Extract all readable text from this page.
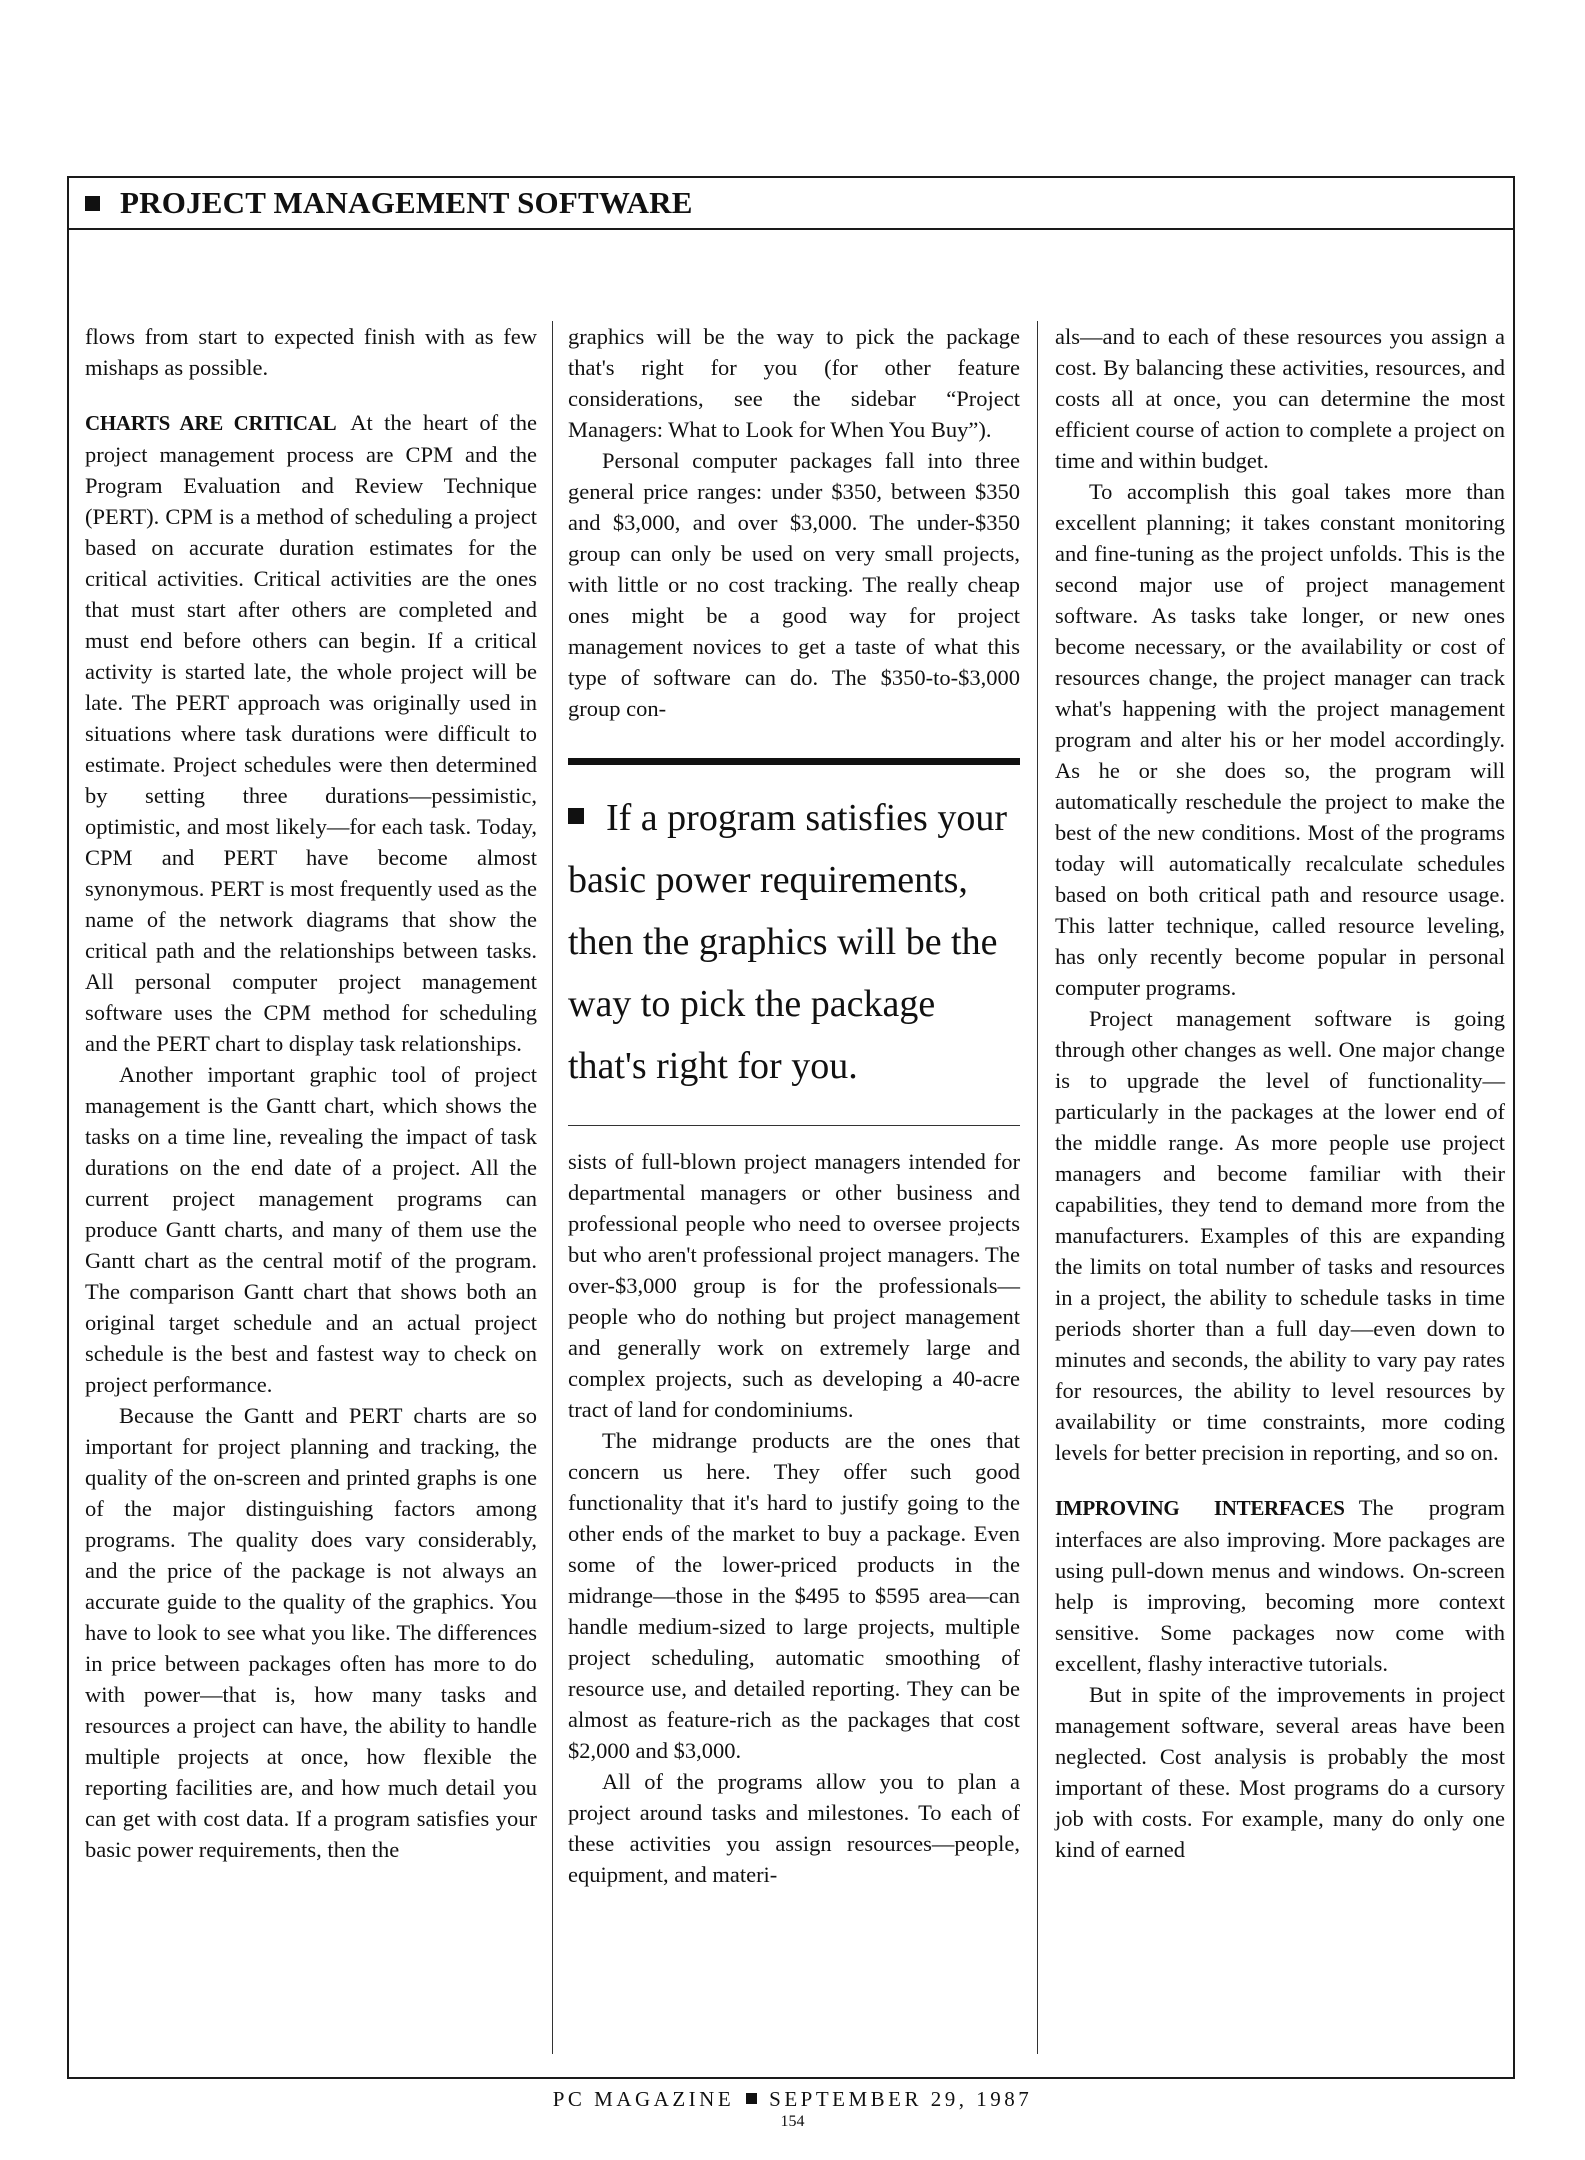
PROJECT MANAGEMENT SOFTWARE

flows from start to expected finish with as few mishaps as possible.

CHARTS ARE CRITICAL At the heart of the project management process are CPM and the Program Evaluation and Review Technique (PERT). CPM is a method of scheduling a project based on accurate duration estimates for the critical activities. Critical activities are the ones that must start after others are completed and must end before others can begin. If a critical activity is started late, the whole project will be late. The PERT approach was originally used in situations where task durations were difficult to estimate. Project schedules were then determined by setting three durations—pessimistic, optimistic, and most likely—for each task. Today, CPM and PERT have become almost synonymous. PERT is most frequently used as the name of the network diagrams that show the critical path and the relationships between tasks. All personal computer project management software uses the CPM method for scheduling and the PERT chart to display task relationships.

Another important graphic tool of project management is the Gantt chart, which shows the tasks on a time line, revealing the impact of task durations on the end date of a project. All the current project management programs can produce Gantt charts, and many of them use the Gantt chart as the central motif of the program. The comparison Gantt chart that shows both an original target schedule and an actual project schedule is the best and fastest way to check on project performance.

Because the Gantt and PERT charts are so important for project planning and tracking, the quality of the on-screen and printed graphs is one of the major distinguishing factors among programs. The quality does vary considerably, and the price of the package is not always an accurate guide to the quality of the graphics. You have to look to see what you like. The differences in price between packages often has more to do with power—that is, how many tasks and resources a project can have, the ability to handle multiple projects at once, how flexible the reporting facilities are, and how much detail you can get with cost data. If a program satisfies your basic power requirements, then the

graphics will be the way to pick the package that's right for you (for other feature considerations, see the sidebar “Project Managers: What to Look for When You Buy”).

Personal computer packages fall into three general price ranges: under $350, between $350 and $3,000, and over $3,000. The under-$350 group can only be used on very small projects, with little or no cost tracking. The really cheap ones might be a good way for project management novices to get a taste of what this type of software can do. The $350-to-$3,000 group con-

If a program satisfies your basic power requirements, then the graphics will be the way to pick the package that's right for you.

sists of full-blown project managers intended for departmental managers or other business and professional people who need to oversee projects but who aren't professional project managers. The over-$3,000 group is for the professionals—people who do nothing but project management and generally work on extremely large and complex projects, such as developing a 40-acre tract of land for condominiums.

The midrange products are the ones that concern us here. They offer such good functionality that it's hard to justify going to the other ends of the market to buy a package. Even some of the lower-priced products in the midrange—those in the $495 to $595 area—can handle medium-sized to large projects, multiple project scheduling, automatic smoothing of resource use, and detailed reporting. They can be almost as feature-rich as the packages that cost $2,000 and $3,000.

All of the programs allow you to plan a project around tasks and milestones. To each of these activities you assign resources—people, equipment, and materi-

als—and to each of these resources you assign a cost. By balancing these activities, resources, and costs all at once, you can determine the most efficient course of action to complete a project on time and within budget.

To accomplish this goal takes more than excellent planning; it takes constant monitoring and fine-tuning as the project unfolds. This is the second major use of project management software. As tasks take longer, or new ones become necessary, or the availability or cost of resources change, the project manager can track what's happening with the project management program and alter his or her model accordingly. As he or she does so, the program will automatically reschedule the project to make the best of the new conditions. Most of the programs today will automatically recalculate schedules based on both critical path and resource usage. This latter technique, called resource leveling, has only recently become popular in personal computer programs.

Project management software is going through other changes as well. One major change is to upgrade the level of functionality—particularly in the packages at the lower end of the middle range. As more people use project managers and become familiar with their capabilities, they tend to demand more from the manufacturers. Examples of this are expanding the limits on total number of tasks and resources in a project, the ability to schedule tasks in time periods shorter than a full day—even down to minutes and seconds, the ability to vary pay rates for resources, the ability to level resources by availability or time constraints, more coding levels for better precision in reporting, and so on.

IMPROVING INTERFACES The program interfaces are also improving. More packages are using pull-down menus and windows. On-screen help is improving, becoming more context sensitive. Some packages now come with excellent, flashy interactive tutorials.

But in spite of the improvements in project management software, several areas have been neglected. Cost analysis is probably the most important of these. Most programs do a cursory job with costs. For example, many do only one kind of earned

PC MAGAZINE SEPTEMBER 29, 1987
154
